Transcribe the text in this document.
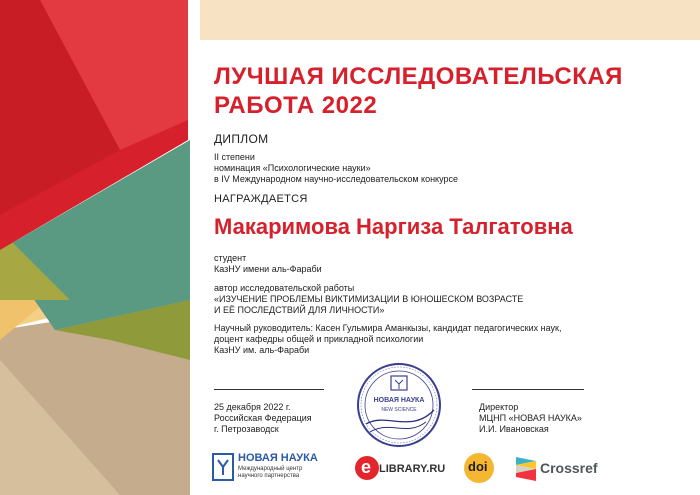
ЛУЧШАЯ ИССЛЕДОВАТЕЛЬСКАЯ
РАБОТА 2022
ДИПЛОМ
II степени
номинация «Психологические науки»
в IV Международном научно-исследовательском конкурсе
НАГРАЖДАЕТСЯ
Макаримова Наргиза Талгатовна
студент
КазНУ имени аль-Фараби
автор исследовательской работы
«ИЗУЧЕНИЕ ПРОБЛЕМЫ ВИКТИМИЗАЦИИ В ЮНОШЕСКОМ ВОЗРАСТЕ
И ЕЁ ПОСЛЕДСТВИЙ ДЛЯ ЛИЧНОСТИ»
Научный руководитель: Касен Гульмира Аманкызы, кандидат педагогических наук,
доцент кафедры общей и прикладной психологии
КазНУ им. аль-Фараби
25 декабря 2022 г.
Российская Федерация
г. Петрозаводск
Директор
МЦНП «НОВАЯ НАУКА»
И.И. Ивановская
НОВАЯ НАУКА
NEW SCIENCE
НОВАЯ НАУКА
Международный центр
научного партнерства	e LIBRARY.RU doi	Crossref
